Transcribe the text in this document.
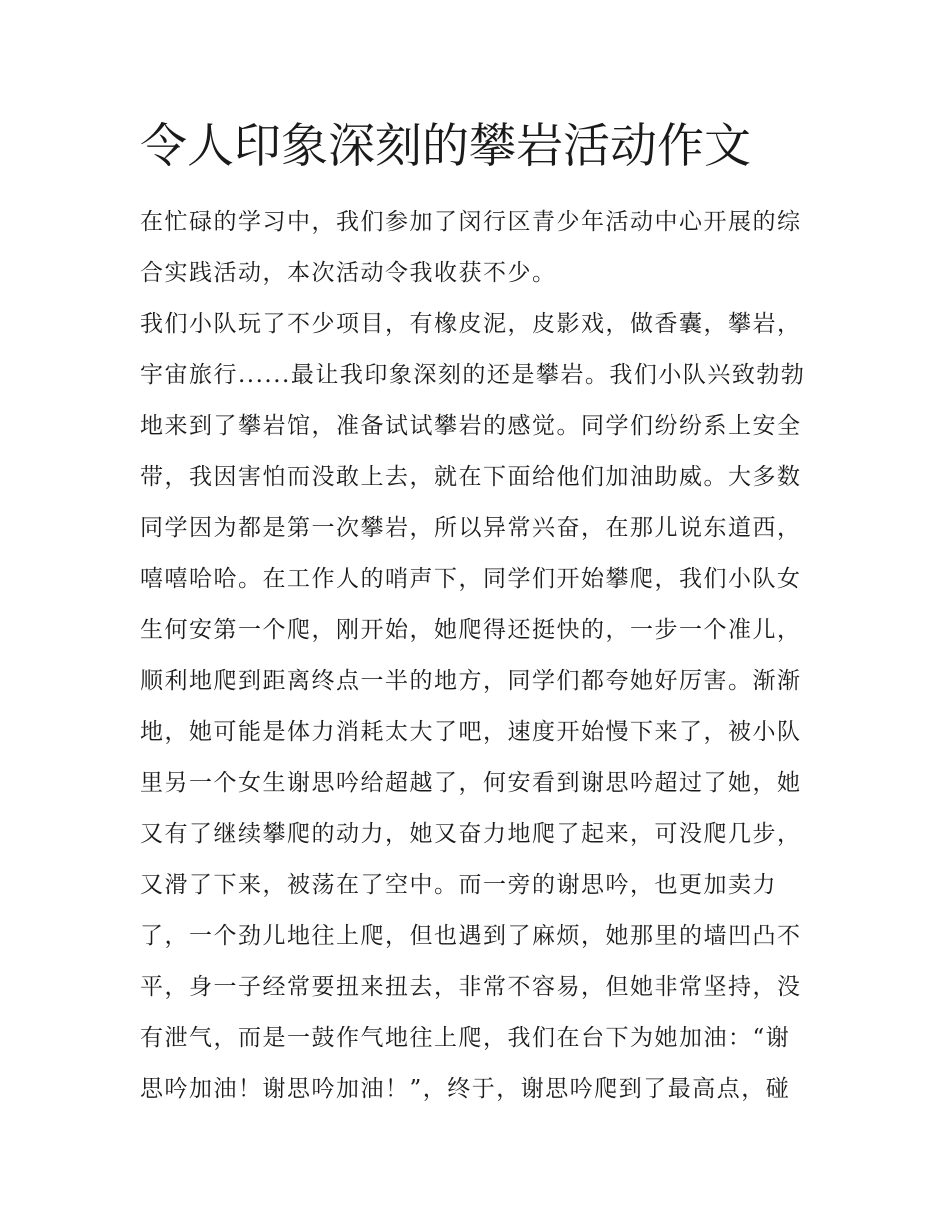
令人印象深刻的攀岩活动作文
在忙碌的学习中，我们参加了闵行区青少年活动中心开展的综
合实践活动，本次活动令我收获不少。
我们小队玩了不少项目，有橡皮泥，皮影戏，做香囊，攀岩，
宇宙旅行......最让我印象深刻的还是攀岩。我们小队兴致勃勃
地来到了攀岩馆，准备试试攀岩的感觉。同学们纷纷系上安全
带，我因害怕而没敢上去，就在下面给他们加油助威。大多数
同学因为都是第一次攀岩，所以异常兴奋，在那儿说东道西，
嘻嘻哈哈。在工作人的哨声下，同学们开始攀爬，我们小队女
生何安第一个爬，刚开始，她爬得还挺快的，一步一个准儿，
顺利地爬到距离终点一半的地方，同学们都夸她好厉害。渐渐
地，她可能是体力消耗太大了吧，速度开始慢下来了，被小队
里另一个女生谢思吟给超越了，何安看到谢思吟超过了她，她
又有了继续攀爬的动力，她又奋力地爬了起来，可没爬几步，
又滑了下来，被荡在了空中。而一旁的谢思吟，也更加卖力
了，一个劲儿地往上爬，但也遇到了麻烦，她那里的墙凹凸不
平，身一子经常要扭来扭去，非常不容易，但她非常坚持，没
有泄气，而是一鼓作气地往上爬，我们在台下为她加油：“谢
思吟加油！谢思吟加油！”，终于，谢思吟爬到了最高点，碰
